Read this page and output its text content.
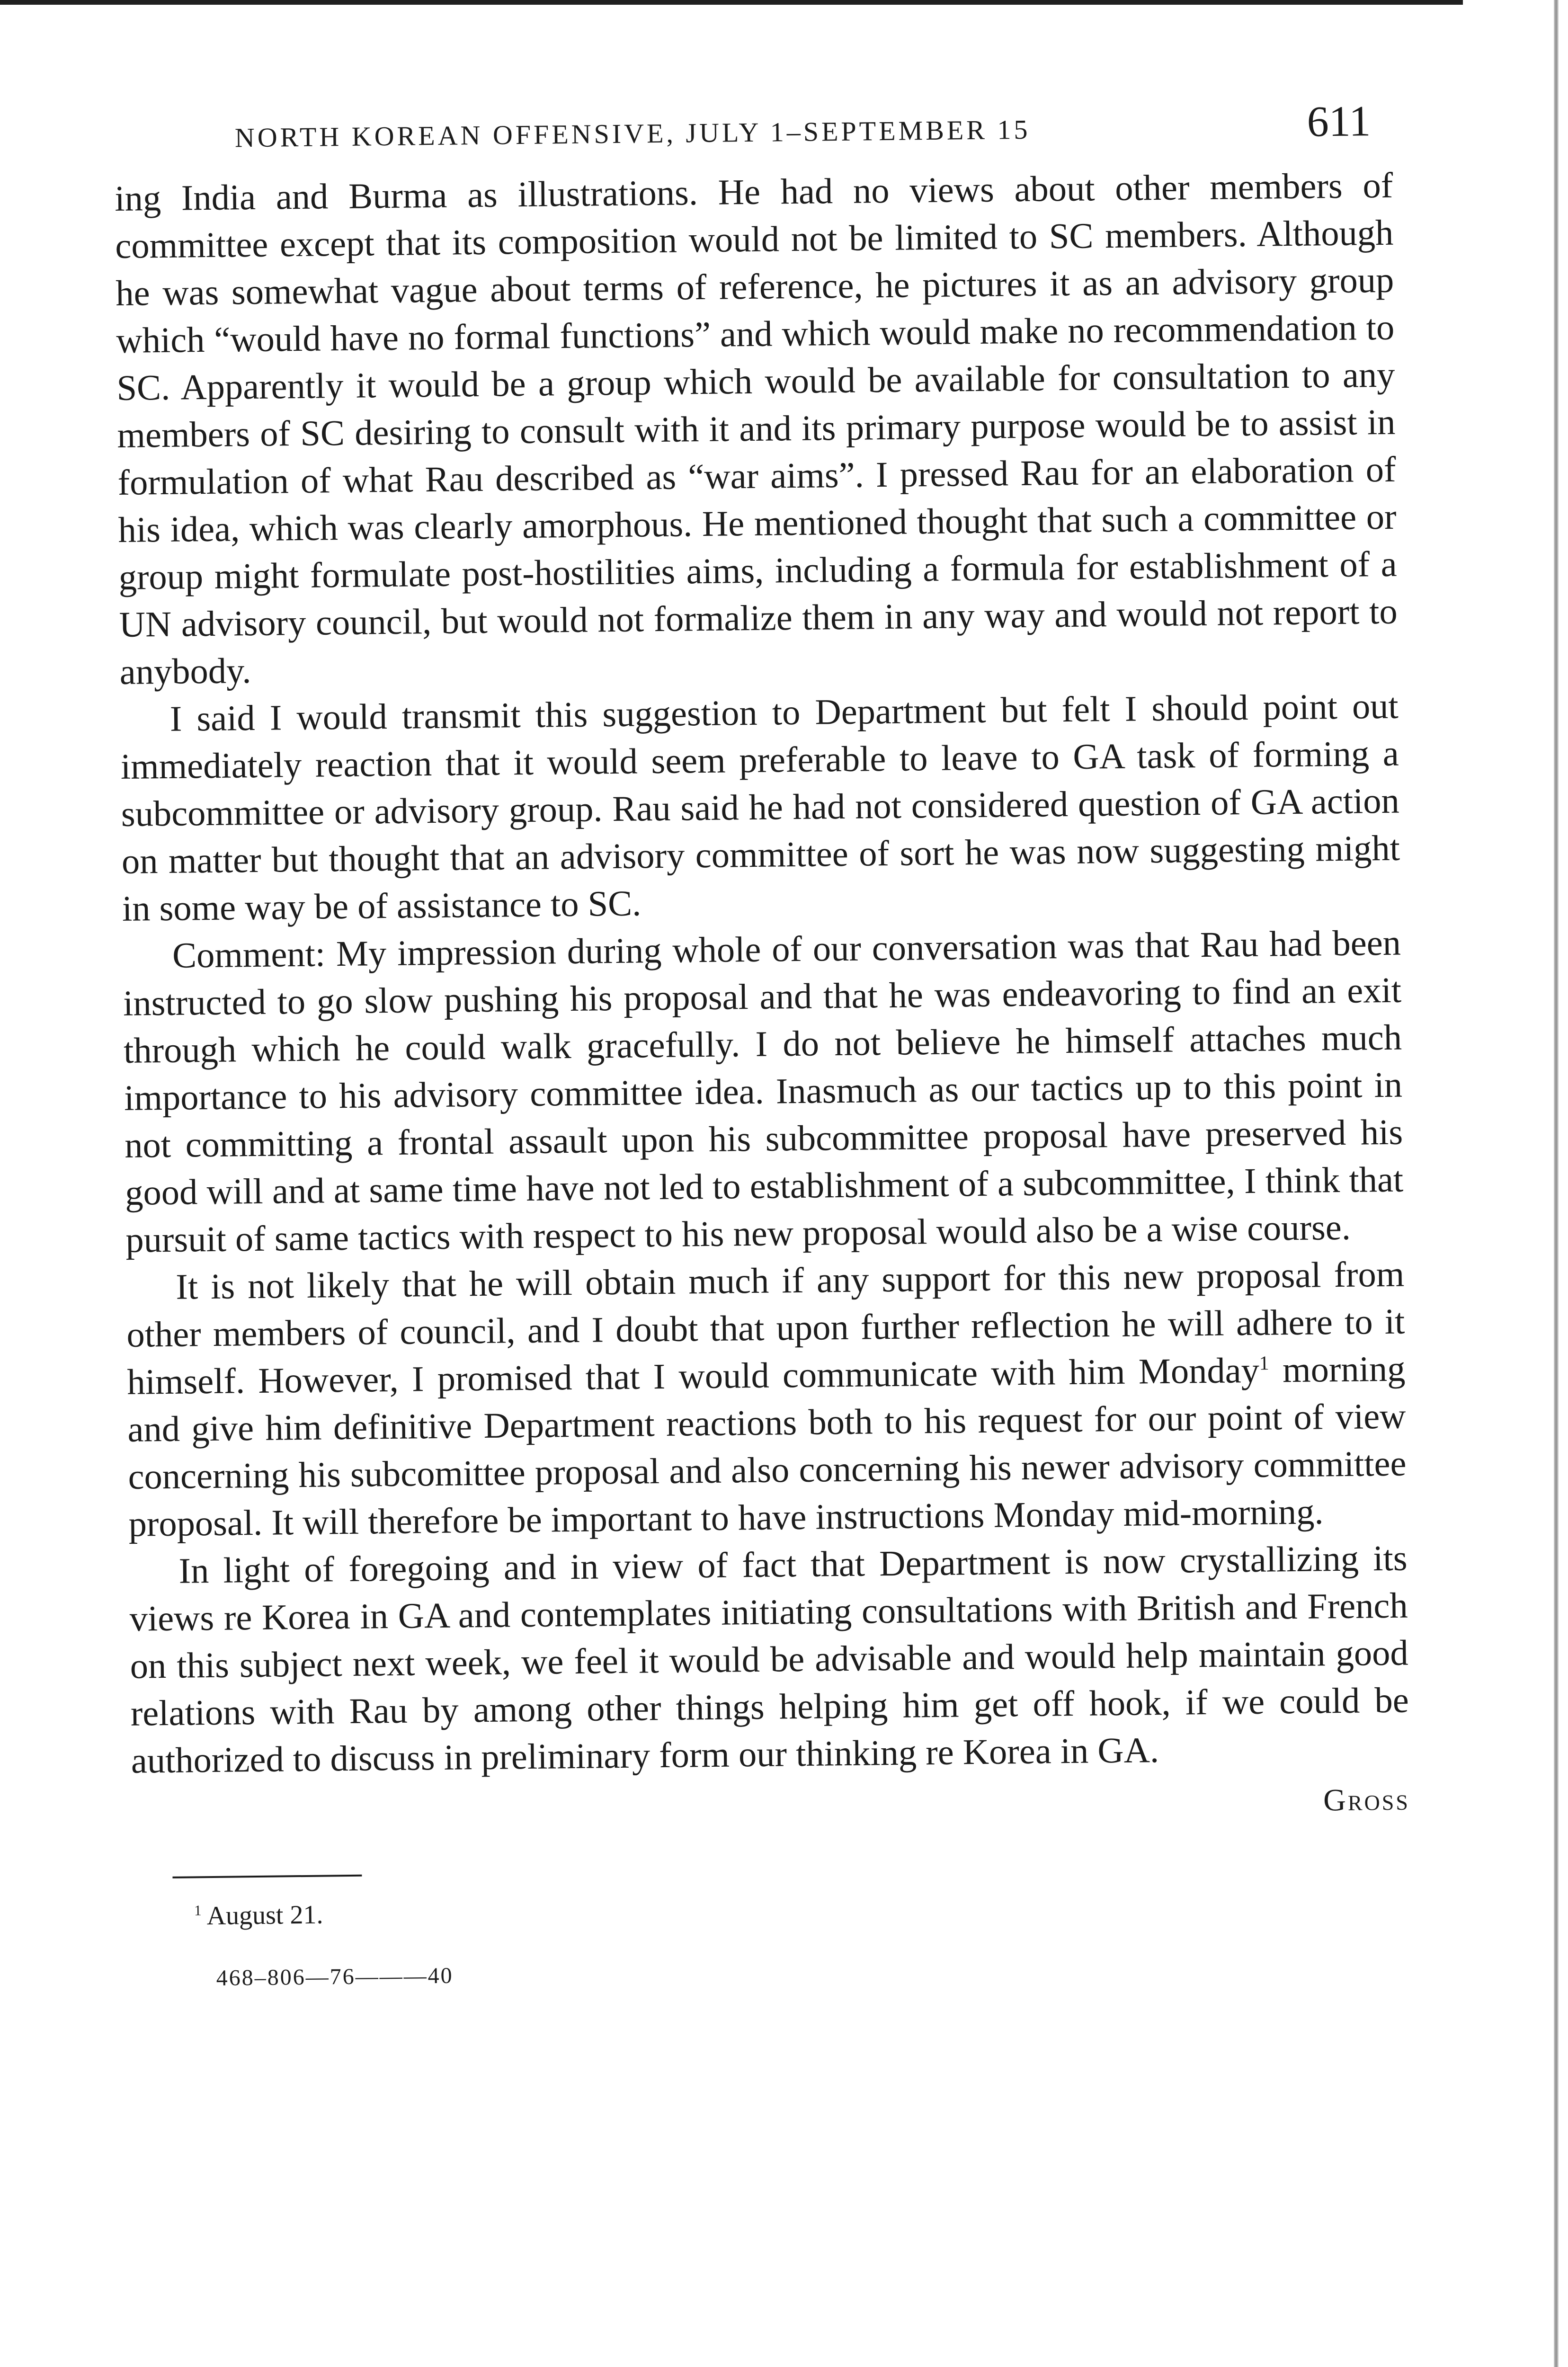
NORTH KOREAN OFFENSIVE, JULY 1–SEPTEMBER 15	611

ing India and Burma as illustrations. He had no views about other members of committee except that its composition would not be limited to SC members. Although he was somewhat vague about terms of reference, he pictures it as an advisory group which “would have no formal functions” and which would make no recommendation to SC. Apparently it would be a group which would be available for consultation to any members of SC desiring to consult with it and its primary purpose would be to assist in formulation of what Rau described as “war aims”. I pressed Rau for an elaboration of his idea, which was clearly amorphous. He mentioned thought that such a committee or group might formulate post-hostilities aims, including a formula for establishment of a UN advisory council, but would not formalize them in any way and would not report to anybody.

I said I would transmit this suggestion to Department but felt I should point out immediately reaction that it would seem preferable to leave to GA task of forming a subcommittee or advisory group. Rau said he had not considered question of GA action on matter but thought that an advisory committee of sort he was now suggesting might in some way be of assistance to SC.

Comment: My impression during whole of our conversation was that Rau had been instructed to go slow pushing his proposal and that he was endeavoring to find an exit through which he could walk gracefully. I do not believe he himself attaches much importance to his advisory committee idea. Inasmuch as our tactics up to this point in not committing a frontal assault upon his subcommittee proposal have preserved his good will and at same time have not led to establishment of a subcommittee, I think that pursuit of same tactics with respect to his new proposal would also be a wise course.

It is not likely that he will obtain much if any support for this new proposal from other members of council, and I doubt that upon further reflection he will adhere to it himself. However, I promised that I would communicate with him Monday$^1$ morning and give him definitive Department reactions both to his request for our point of view concerning his subcomittee proposal and also concerning his newer advisory committee proposal. It will therefore be important to have instructions Monday mid-morning.

In light of foregoing and in view of fact that Department is now crystallizing its views re Korea in GA and contemplates initiating consultations with British and French on this subject next week, we feel it would be advisable and would help maintain good relations with Rau by among other things helping him get off hook, if we could be authorized to discuss in preliminary form our thinking re Korea in GA.

Gross
$^1$ August 21.
468–806—76———40
